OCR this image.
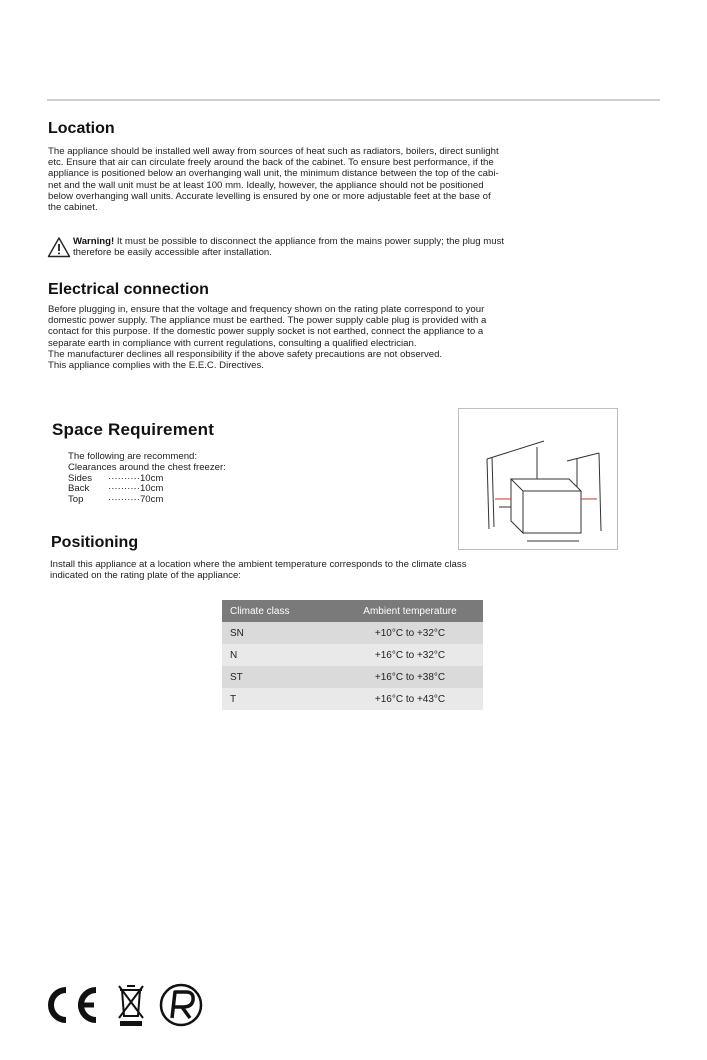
Location
The appliance should be installed well away from sources of heat such as radiators, boilers, direct sunlight
etc. Ensure that air can circulate freely around the back of the cabinet. To ensure best performance, if the
appliance is positioned below an overhanging wall unit, the minimum distance between the top of the cabi-
net and the wall unit must be at least 100 mm. Ideally, however, the appliance should not be positioned
below overhanging wall units. Accurate levelling is ensured by one or more adjustable feet at the base of
the cabinet.
Warning! It must be possible to disconnect the appliance from the mains power supply; the plug must
therefore be easily accessible after installation.
Electrical connection
Before plugging in, ensure that the voltage and frequency shown on the rating plate correspond to your
domestic power supply. The appliance must be earthed. The power supply cable plug is provided with a
contact for this purpose. If the domestic power supply socket is not earthed, connect the appliance to a
separate earth in compliance with current regulations, consulting a qualified electrician.
The manufacturer declines all responsibility if the above safety precautions are not observed.
This appliance complies with the E.E.C. Directives.
Space Requirement
The following are recommend:
Clearances around the chest freezer:
Sides ··········10cm
Back ··········10cm
Top	··········70cm
Positioning
Install this appliance at a location where the ambient temperature corresponds to the climate class
indicated on the rating plate of the appliance:
Climate class	Ambient temperature
SN	+10°C to +32°C
N	+16°C to +32°C
ST	+16°C to +38°C
T	+16°C to +43°C
